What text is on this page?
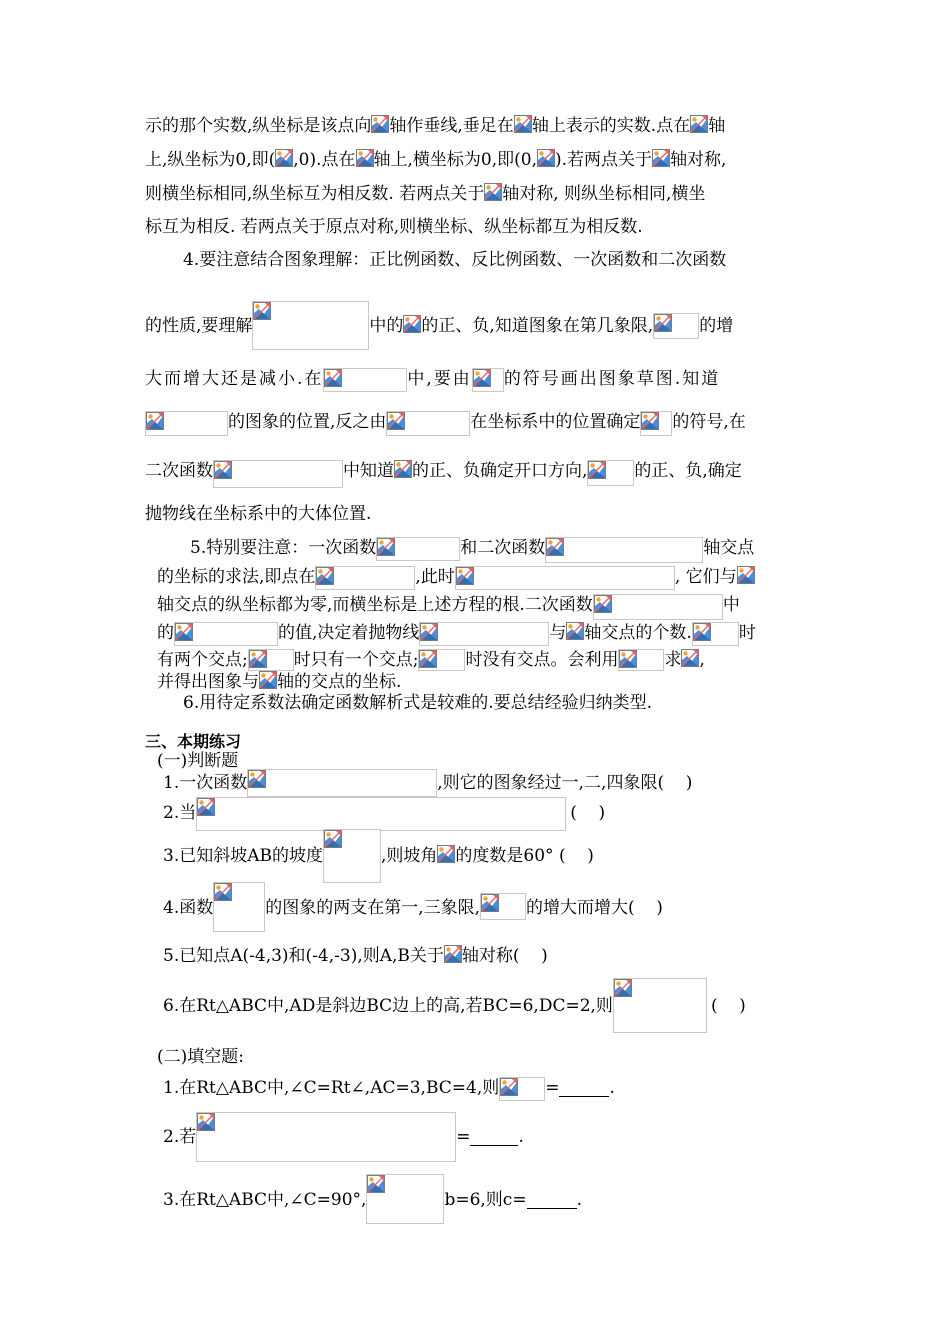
示的那个实数,纵坐标是该点向 轴作垂线,垂足在 轴上表示的实数.点在 轴
上,纵坐标为0,即( ,0).点在 轴上,横坐标为0,即(0, ).若两点关于 轴对称,
则横坐标相同,纵坐标互为相反数. 若两点关于 轴对称, 则纵坐标相同,横坐
标互为相反. 若两点关于原点对称,则横坐标、纵坐标都互为相反数.
4.要注意结合图象理解：正比例函数、反比例函数、一次函数和二次函数
的性质,要理解	中的 的正、负,知道图象在第几象限,	的增
大而增大还是减小.在	中,要由 的符号画出图象草图.知道
的图象的位置,反之由	在坐标系中的位置确定 的符号,在
二次函数	中知道 的正、负确定开口方向,	的正、负,确定
抛物线在坐标系中的大体位置.
5.特别要注意：一次函数	和二次函数	轴交点
的坐标的求法,即点在	,此时	, 它们与
轴交点的纵坐标都为零,而横坐标是上述方程的根.二次函数	中
的	的值,决定着抛物线	与 轴交点的个数.	时
有两个交点;	时只有一个交点;	时没有交点。会利用	求 ,
并得出图象与 轴的交点的坐标.
6.用待定系数法确定函数解析式是较难的.要总结经验归纳类型.
三、本期练习
(一)判断题
1.一次函数	,则它的图象经过一,二,四象限(    )
2.当	(    )
3.已知斜坡AB的坡度	,则坡角 的度数是60° (    )
4.函数	的图象的两支在第一,三象限,	的增大而增大(    )
5.已知点A(-4,3)和(-4,-3),则A,B关于 轴对称(    )
6.在Rt△ABC中,AD是斜边BC边上的高,若BC=6,DC=2,则	(    )
(二)填空题:
1.在Rt△ABC中,∠C=Rt∠,AC=3,BC=4,则	=	.
2.若	=	.
3.在Rt△ABC中,∠C=90°,	b=6,则c=	.
